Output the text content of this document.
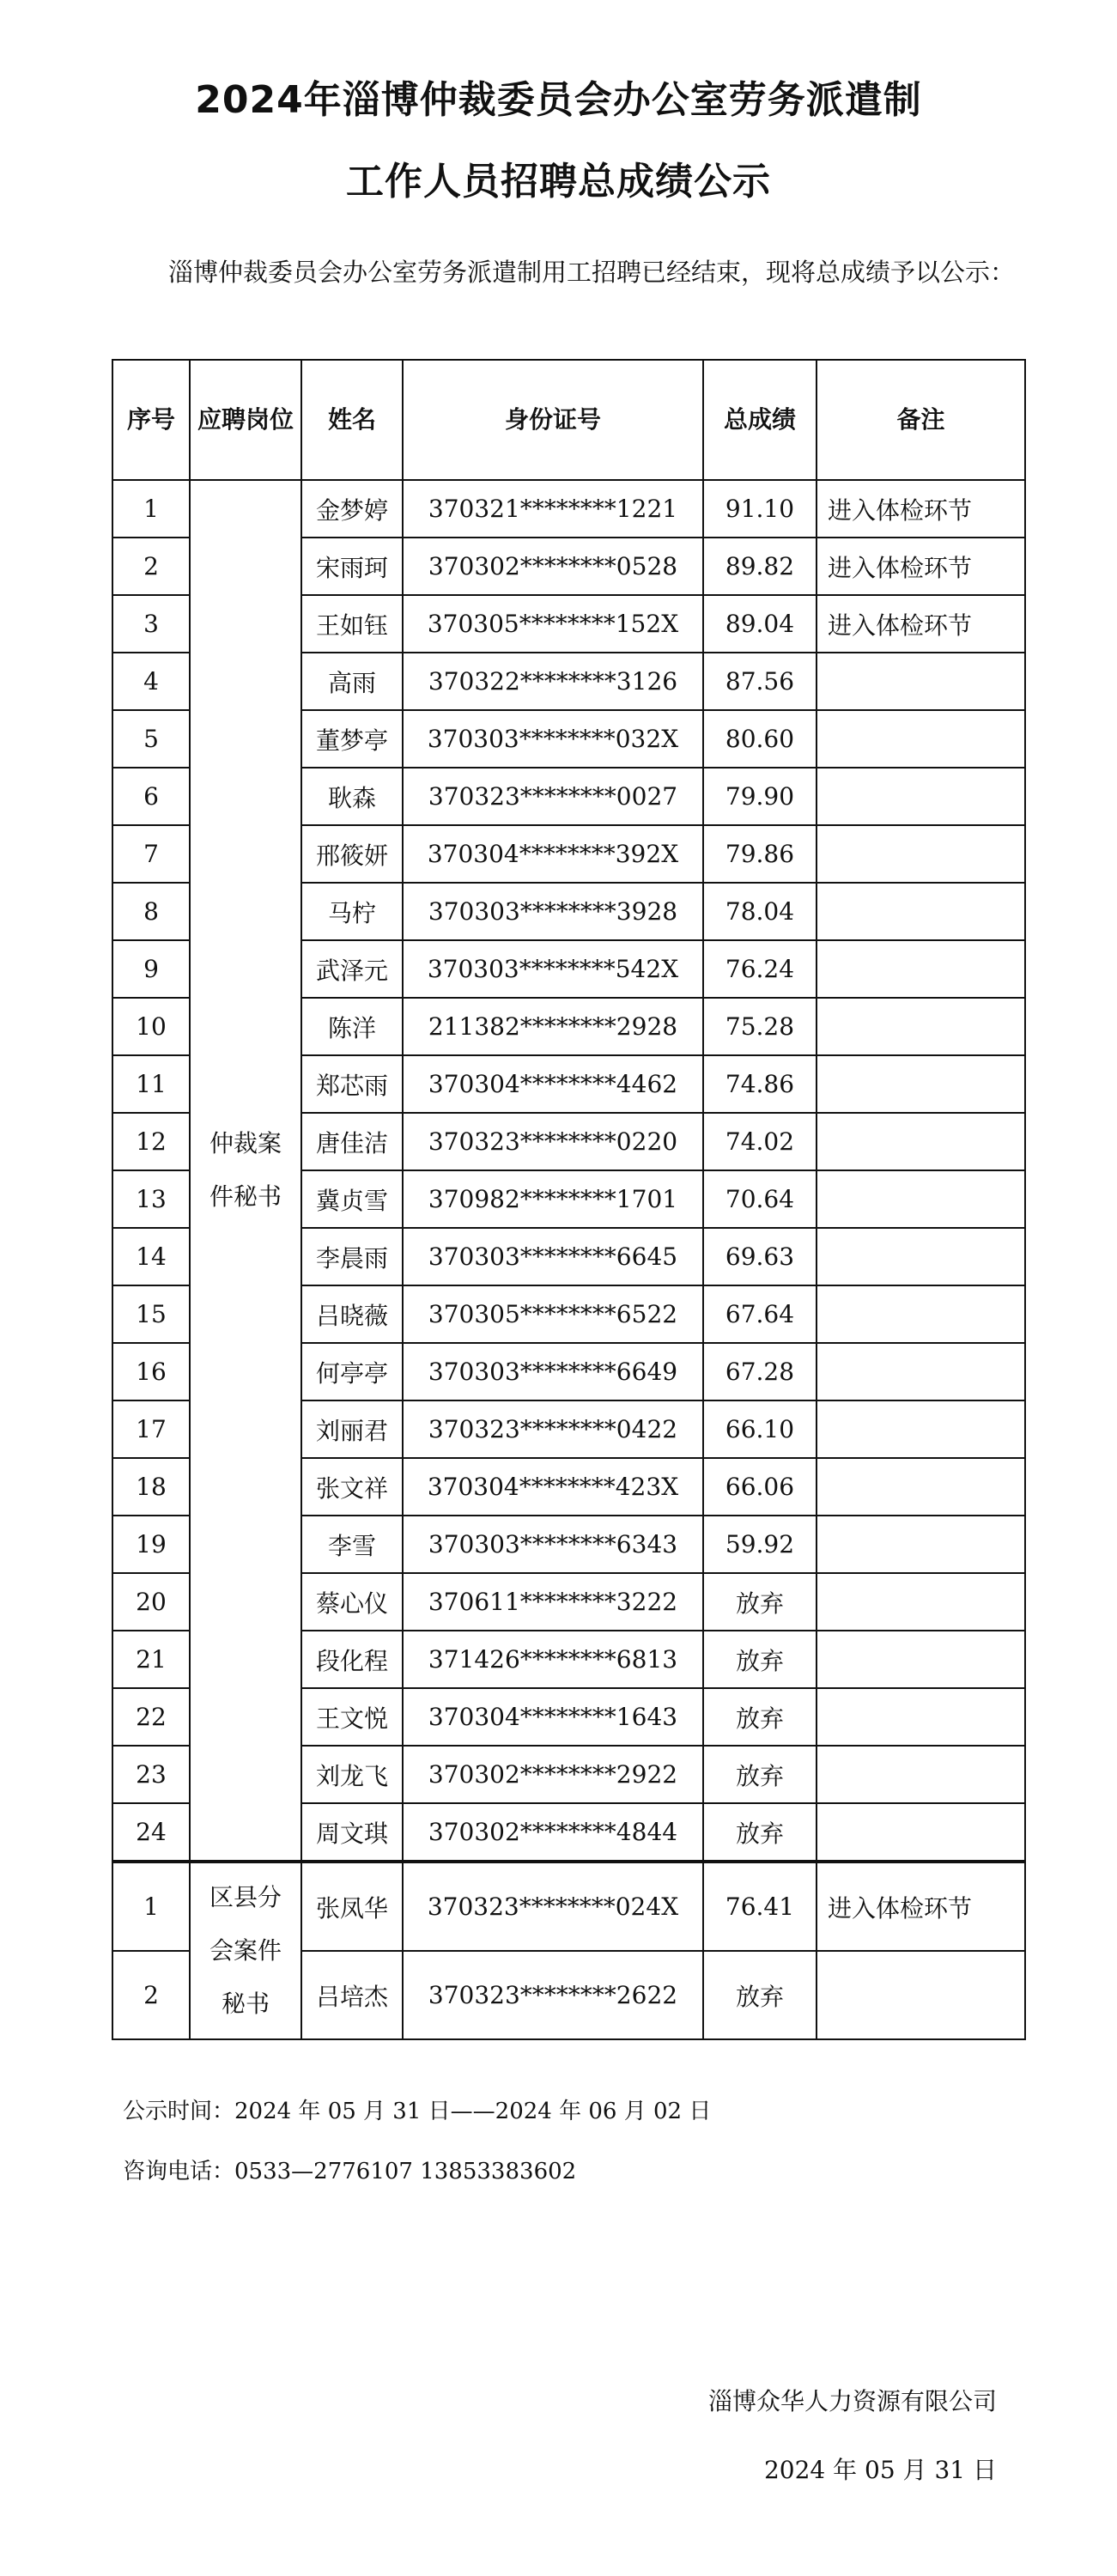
2024年淄博仲裁委员会办公室劳务派遣制
工作人员招聘总成绩公示

淄博仲裁委员会办公室劳务派遣制用工招聘已经结束，现将总成绩予以公示：

序号	应聘岗位	姓名	身份证号	总成绩	备注
1	仲裁案件秘书	金梦婷	370321********1221	91.10	进入体检环节
2		宋雨珂	370302********0528	89.82	进入体检环节
3		王如钰	370305********152X	89.04	进入体检环节
4		高雨	370322********3126	87.56	
5		董梦亭	370303********032X	80.60	
6		耿森	370323********0027	79.90	
7		邢筱妍	370304********392X	79.86	
8		马柠	370303********3928	78.04	
9		武泽元	370303********542X	76.24	
10		陈洋	211382********2928	75.28	
11		郑芯雨	370304********4462	74.86	
12		唐佳洁	370323********0220	74.02	
13		冀贞雪	370982********1701	70.64	
14		李晨雨	370303********6645	69.63	
15		吕晓薇	370305********6522	67.64	
16		何亭亭	370303********6649	67.28	
17		刘丽君	370323********0422	66.10	
18		张文祥	370304********423X	66.06	
19		李雪	370303********6343	59.92	
20		蔡心仪	370611********3222	放弃	
21		段化程	371426********6813	放弃	
22		王文悦	370304********1643	放弃	
23		刘龙飞	370302********2922	放弃	
24		周文琪	370302********4844	放弃	
1	区县分会案件秘书	张凤华	370323********024X	76.41	进入体检环节
2		吕培杰	370323********2622	放弃	

公示时间：2024 年 05 月 31 日——2024 年 06 月 02 日

咨询电话：0533—2776107 13853383602

淄博众华人力资源有限公司

2024 年 05 月 31 日
